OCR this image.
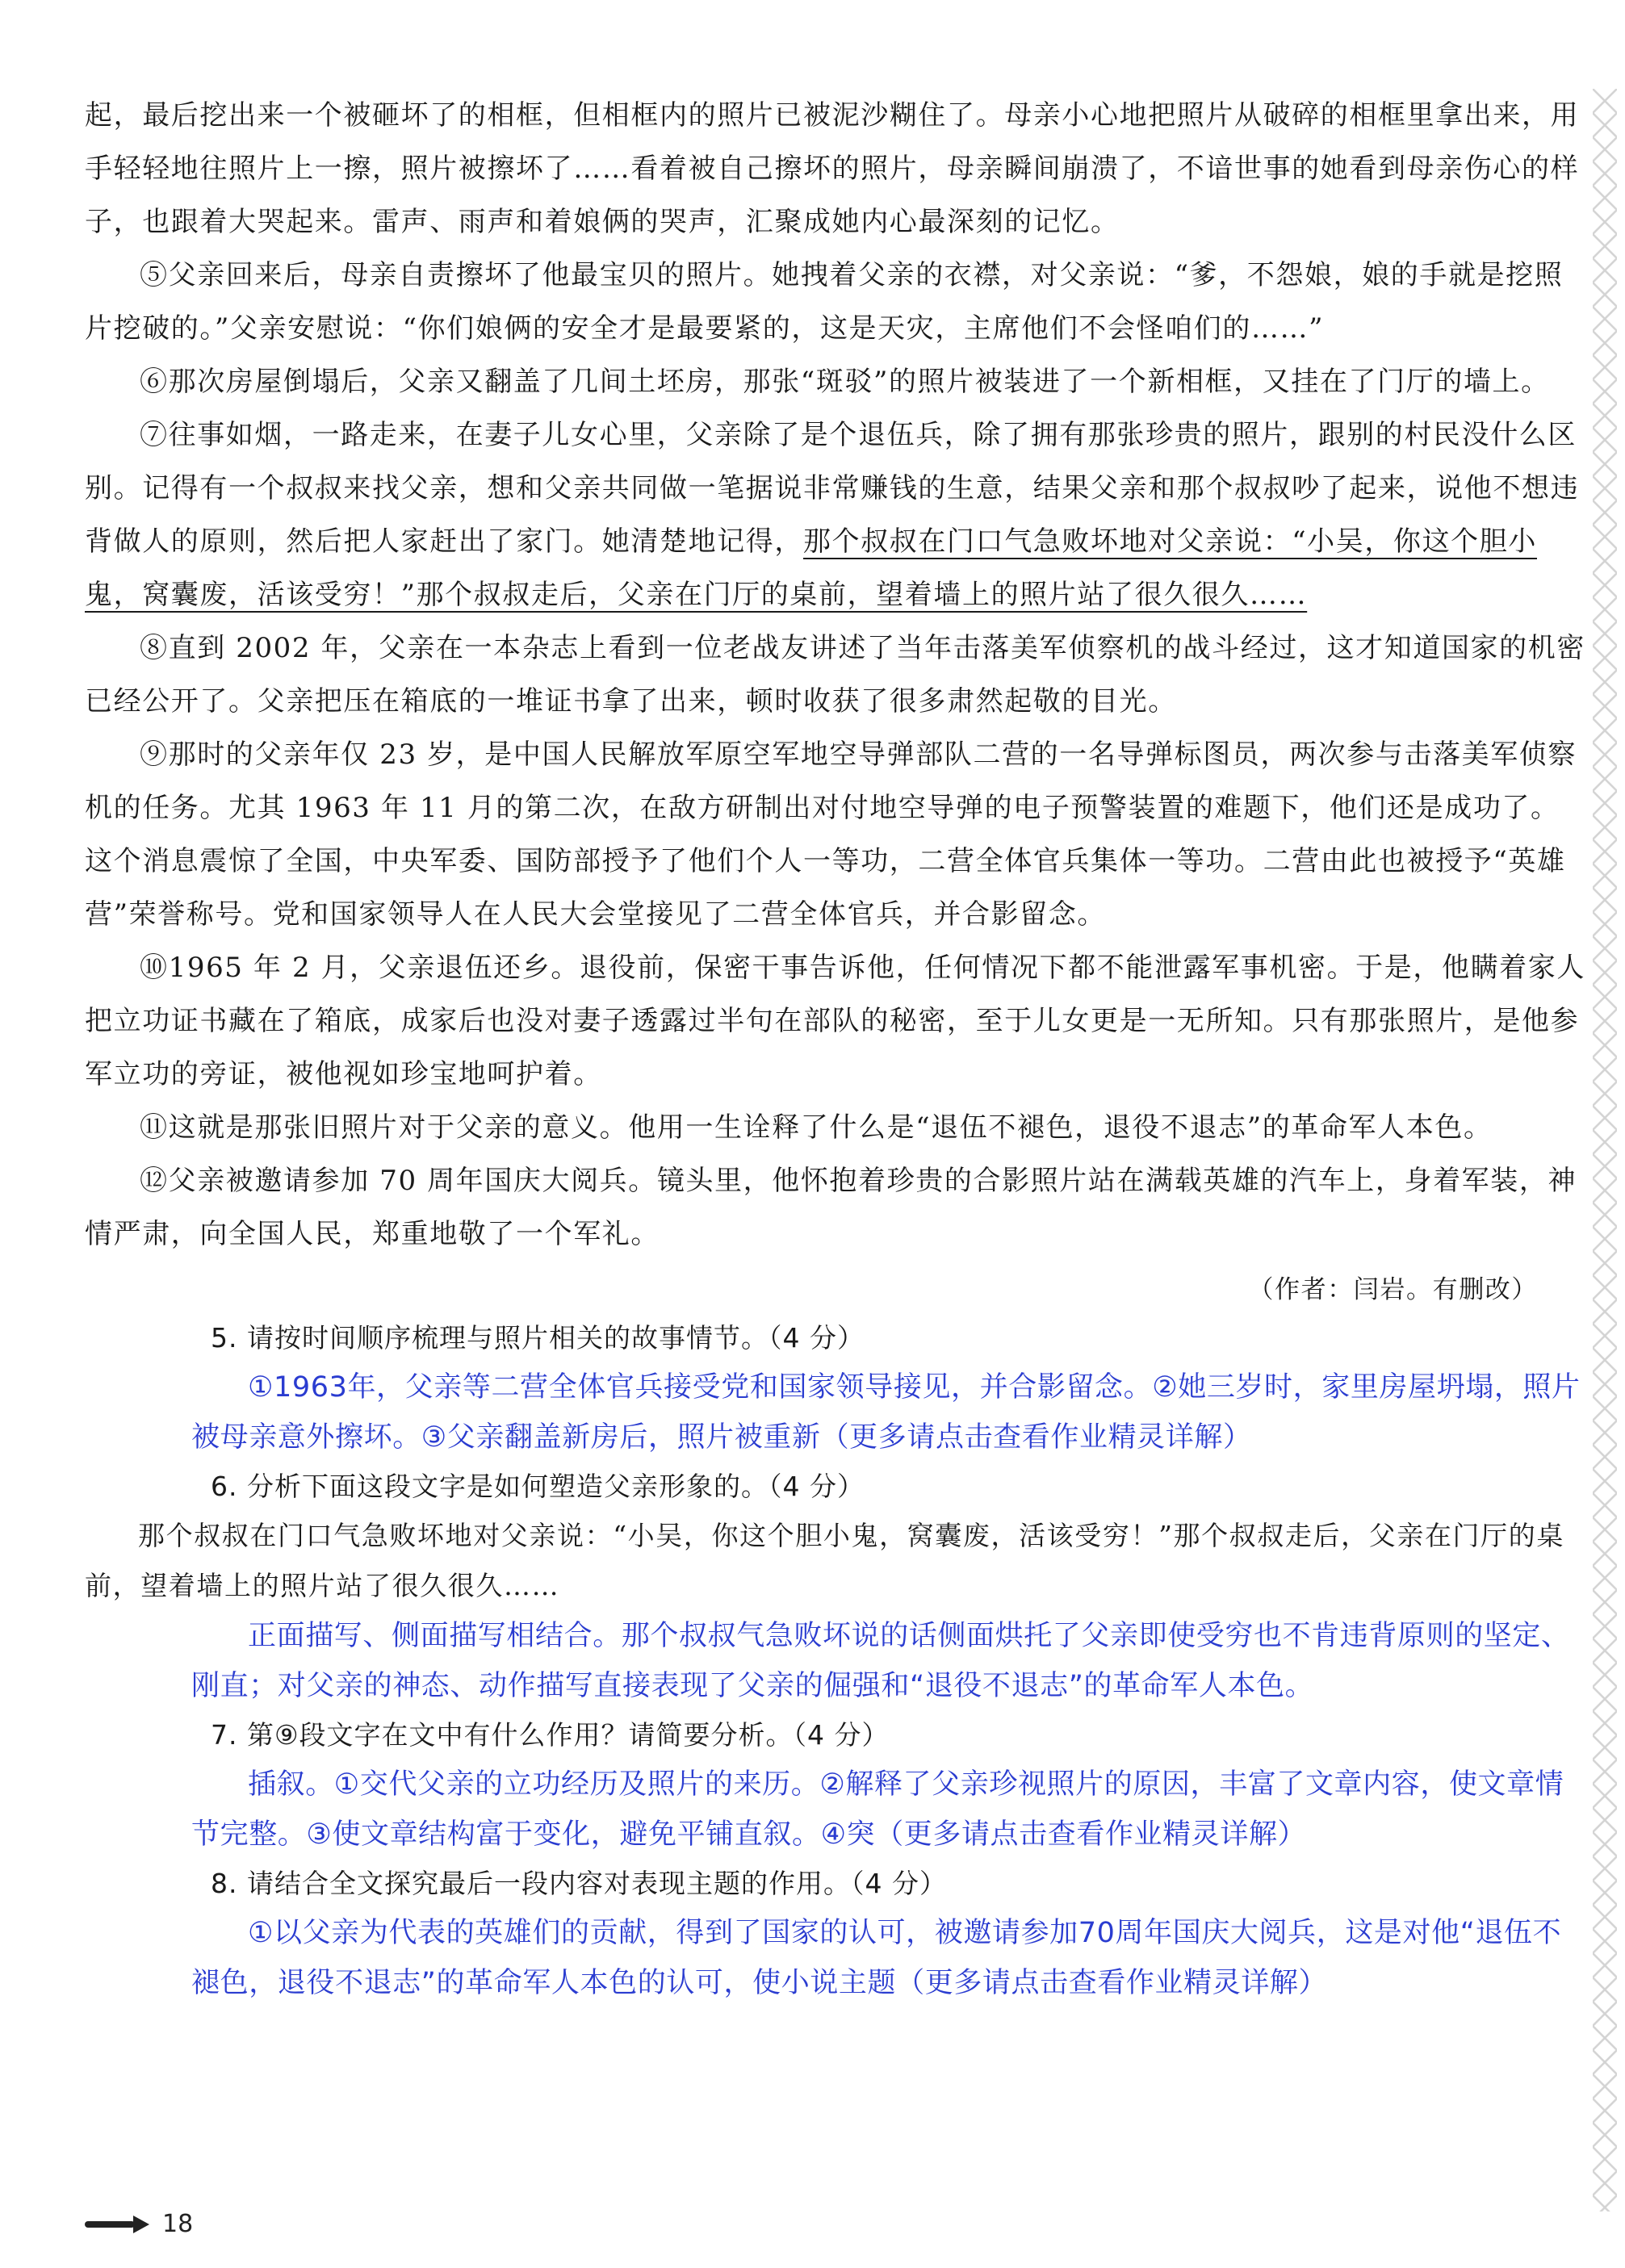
起，最后挖出来一个被砸坏了的相框，但相框内的照片已被泥沙糊住了。母亲小心地把照片从破碎的相框里拿出来，用手轻轻地往照片上一擦，照片被擦坏了……看着被自己擦坏的照片，母亲瞬间崩溃了，不谙世事的她看到母亲伤心的样子，也跟着大哭起来。雷声、雨声和着娘俩的哭声，汇聚成她内心最深刻的记忆。

⑤父亲回来后，母亲自责擦坏了他最宝贝的照片。她拽着父亲的衣襟，对父亲说：“爹，不怨娘，娘的手就是挖照片挖破的。”父亲安慰说：“你们娘俩的安全才是最要紧的，这是天灾，主席他们不会怪咱们的……”

⑥那次房屋倒塌后，父亲又翻盖了几间土坯房，那张“斑驳”的照片被装进了一个新相框，又挂在了门厅的墙上。

⑦往事如烟，一路走来，在妻子儿女心里，父亲除了是个退伍兵，除了拥有那张珍贵的照片，跟别的村民没什么区别。记得有一个叔叔来找父亲，想和父亲共同做一笔据说非常赚钱的生意，结果父亲和那个叔叔吵了起来，说他不想违背做人的原则，然后把人家赶出了家门。她清楚地记得，那个叔叔在门口气急败坏地对父亲说：“小吴，你这个胆小鬼，窝囊废，活该受穷！”那个叔叔走后，父亲在门厅的桌前，望着墙上的照片站了很久很久……

⑧直到 2002 年，父亲在一本杂志上看到一位老战友讲述了当年击落美军侦察机的战斗经过，这才知道国家的机密已经公开了。父亲把压在箱底的一堆证书拿了出来，顿时收获了很多肃然起敬的目光。

⑨那时的父亲年仅 23 岁，是中国人民解放军原空军地空导弹部队二营的一名导弹标图员，两次参与击落美军侦察机的任务。尤其 1963 年 11 月的第二次，在敌方研制出对付地空导弹的电子预警装置的难题下，他们还是成功了。这个消息震惊了全国，中央军委、国防部授予了他们个人一等功，二营全体官兵集体一等功。二营由此也被授予“英雄营”荣誉称号。党和国家领导人在人民大会堂接见了二营全体官兵，并合影留念。

⑩1965 年 2 月，父亲退伍还乡。退役前，保密干事告诉他，任何情况下都不能泄露军事机密。于是，他瞒着家人把立功证书藏在了箱底，成家后也没对妻子透露过半句在部队的秘密，至于儿女更是一无所知。只有那张照片，是他参军立功的旁证，被他视如珍宝地呵护着。

⑪这就是那张旧照片对于父亲的意义。他用一生诠释了什么是“退伍不褪色，退役不退志”的革命军人本色。

⑫父亲被邀请参加 70 周年国庆大阅兵。镜头里，他怀抱着珍贵的合影照片站在满载英雄的汽车上，身着军装，神情严肃，向全国人民，郑重地敬了一个军礼。

（作者：闫岩。有删改）

5. 请按时间顺序梳理与照片相关的故事情节。（4 分）

①1963年，父亲等二营全体官兵接受党和国家领导接见，并合影留念。②她三岁时，家里房屋坍塌，照片被母亲意外擦坏。③父亲翻盖新房后，照片被重新（更多请点击查看作业精灵详解）

6. 分析下面这段文字是如何塑造父亲形象的。（4 分）

那个叔叔在门口气急败坏地对父亲说：“小吴，你这个胆小鬼，窝囊废，活该受穷！”那个叔叔走后，父亲在门厅的桌前，望着墙上的照片站了很久很久……

正面描写、侧面描写相结合。那个叔叔气急败坏说的话侧面烘托了父亲即使受穷也不肯违背原则的坚定、刚直；对父亲的神态、动作描写直接表现了父亲的倔强和“退役不退志”的革命军人本色。

7. 第⑨段文字在文中有什么作用？请简要分析。（4 分）

插叙。①交代父亲的立功经历及照片的来历。②解释了父亲珍视照片的原因，丰富了文章内容，使文章情节完整。③使文章结构富于变化，避免平铺直叙。④突（更多请点击查看作业精灵详解）

8. 请结合全文探究最后一段内容对表现主题的作用。（4 分）

①以父亲为代表的英雄们的贡献，得到了国家的认可，被邀请参加70周年国庆大阅兵，这是对他“退伍不褪色，退役不退志”的革命军人本色的认可，使小说主题（更多请点击查看作业精灵详解）

18
